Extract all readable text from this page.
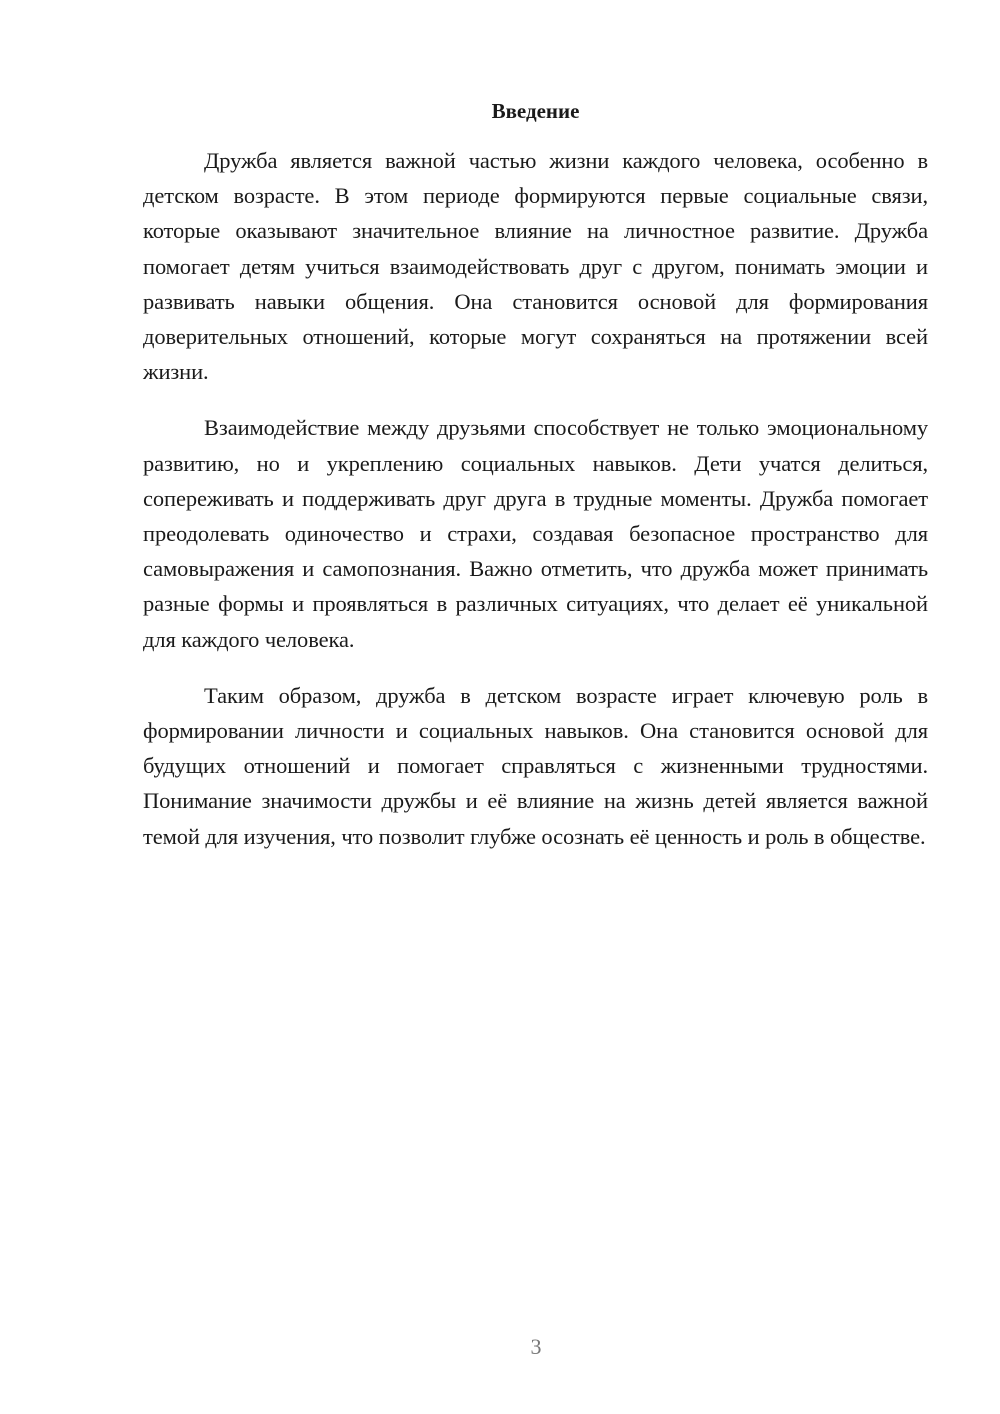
Введение

Дружба является важной частью жизни каждого человека, особенно в детском возрасте. В этом периоде формируются первые социальные связи, которые оказывают значительное влияние на личностное развитие. Дружба помогает детям учиться взаимодействовать друг с другом, понимать эмоции и развивать навыки общения. Она становится основой для формирования доверительных отношений, которые могут сохраняться на протяжении всей жизни.

Взаимодействие между друзьями способствует не только эмоциональному развитию, но и укреплению социальных навыков. Дети учатся делиться, сопереживать и поддерживать друг друга в трудные моменты. Дружба помогает преодолевать одиночество и страхи, создавая безопасное пространство для самовыражения и самопознания. Важно отметить, что дружба может принимать разные формы и проявляться в различных ситуациях, что делает её уникальной для каждого человека.

Таким образом, дружба в детском возрасте играет ключевую роль в формировании личности и социальных навыков. Она становится основой для будущих отношений и помогает справляться с жизненными трудностями. Понимание значимости дружбы и её влияние на жизнь детей является важной темой для изучения, что позволит глубже осознать её ценность и роль в обществе.

3
